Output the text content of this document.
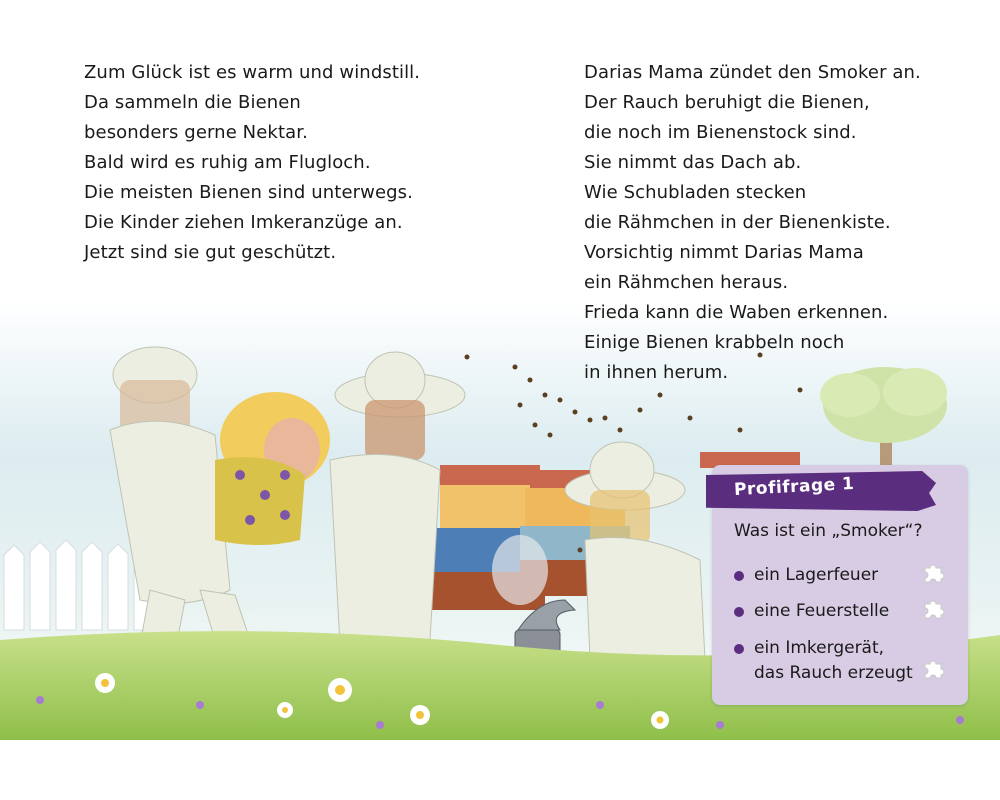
Zum Glück ist es warm und windstill.

Da sammeln die Bienen

besonders gerne Nektar.

Bald wird es ruhig am Flugloch.

Die meisten Bienen sind unterwegs.

Die Kinder ziehen Imkeranzüge an.

Jetzt sind sie gut geschützt.

Darias Mama zündet den Smoker an.

Der Rauch beruhigt die Bienen,

die noch im Bienenstock sind.

Sie nimmt das Dach ab.

Wie Schubladen stecken

die Rähmchen in der Bienenkiste.

Vorsichtig nimmt Darias Mama

ein Rähmchen heraus.

Frieda kann die Waben erkennen.

Einige Bienen krabbeln noch

in ihnen herum.

Profifrage 1
Was ist ein „Smoker“?
ein Lagerfeuer
eine Feuerstelle
ein Imkergerät,
das Rauch erzeugt
